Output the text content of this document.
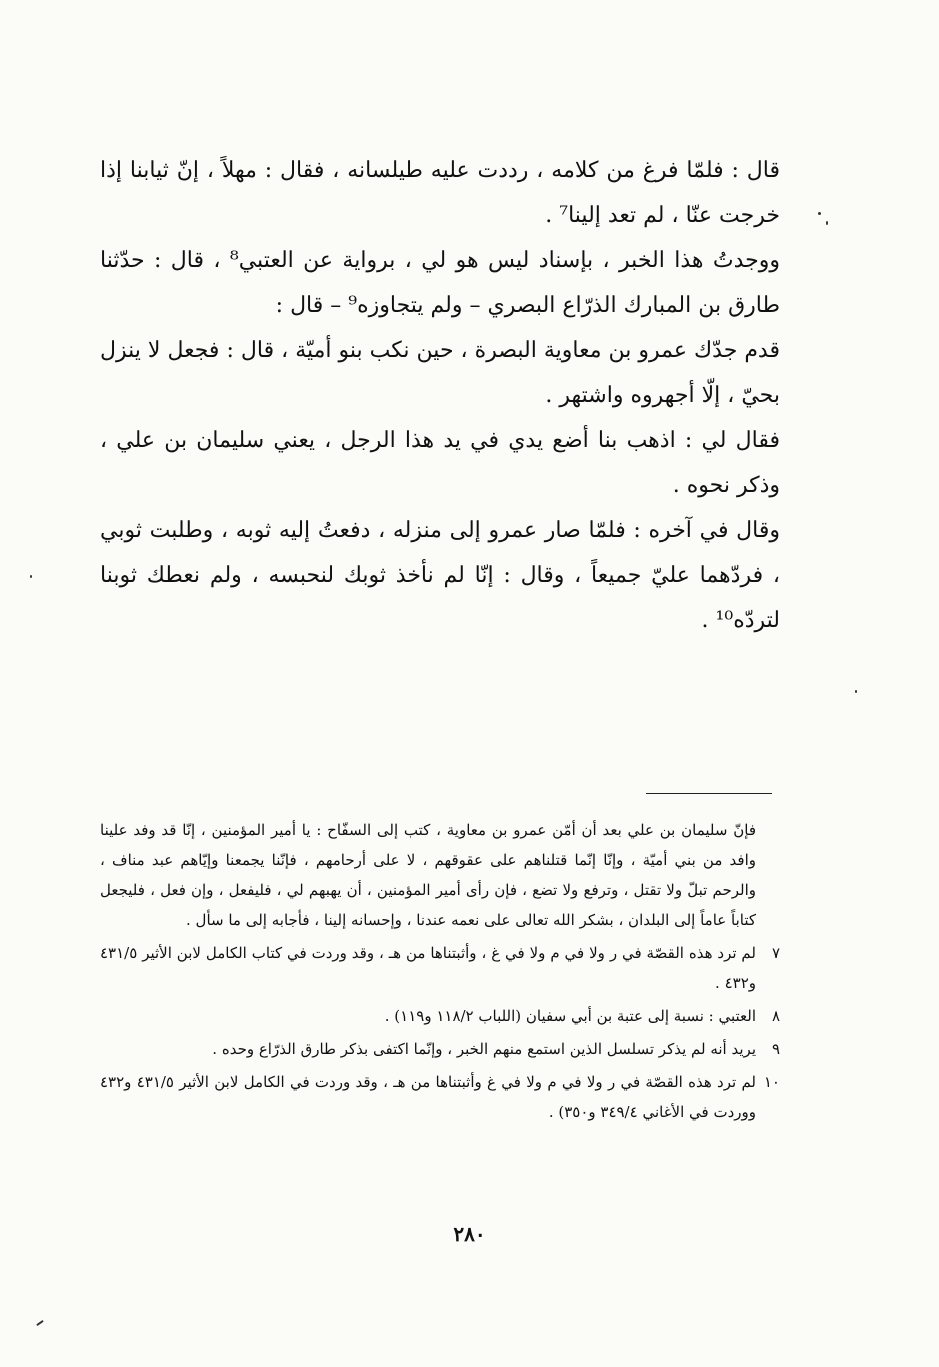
قال : فلمّا فرغ من كلامه ، رددت عليه طيلسانه ، فقال : مهلاً ، إنّ ثيابنا إذا خرجت عنّا ، لم تعد إلينا⁷ .

ووجدتُ هذا الخبر ، بإسناد ليس هو لي ، برواية عن العتبي⁸ ، قال : حدّثنا طارق بن المبارك الذرّاع البصري – ولم يتجاوزه⁹ – قال :

قدم جدّك عمرو بن معاوية البصرة ، حين نكب بنو أميّة ، قال : فجعل لا ينزل بحيّ ، إلّا أجهروه واشتهر .

فقال لي : اذهب بنا أضع يدي في يد هذا الرجل ، يعني سليمان بن علي ، وذكر نحوه .

وقال في آخره : فلمّا صار عمرو إلى منزله ، دفعتُ إليه ثوبه ، وطلبت ثوبي ، فردّهما عليّ جميعاً ، وقال : إنّا لم نأخذ ثوبك لنحبسه ، ولم نعطك ثوبنا لتردّه¹⁰ .

فإنّ سليمان بن علي بعد أن أمّن عمرو بن معاوية ، كتب إلى السفّاح : يا أمير المؤمنين ، إنّا قد وفد علينا وافد من بني أميّة ، وإنّا إنّما قتلناهم على عقوقهم ، لا على أرحامهم ، فإنّنا يجمعنا وإيّاهم عبد مناف ، والرحم تبلّ ولا تقتل ، وترفع ولا تضع ، فإن رأى أمير المؤمنين ، أن يهبهم لي ، فليفعل ، وإن فعل ، فليجعل كتاباً عاماً إلى البلدان ، بشكر الله تعالى على نعمه عندنا ، وإحسانه إلينا ، فأجابه إلى ما سأل .
٧
لم ترد هذه القصّة في ر ولا في م ولا في غ ، وأثبتناها من هـ ، وقد وردت في كتاب الكامل لابن الأثير ٤٣١/٥ و٤٣٢ .
٨
العتبي : نسبة إلى عتبة بن أبي سفيان (اللباب ١١٨/٢ و١١٩) .
٩
يريد أنه لم يذكر تسلسل الذين استمع منهم الخبر ، وإنّما اكتفى بذكر طارق الذرّاع وحده .
١٠
لم ترد هذه القصّة في ر ولا في م ولا في غ وأثبتناها من هـ ، وقد وردت في الكامل لابن الأثير ٤٣١/٥ و٤٣٢ ووردت في الأغاني ٣٤٩/٤ و٣٥٠) .
٢٨٠
